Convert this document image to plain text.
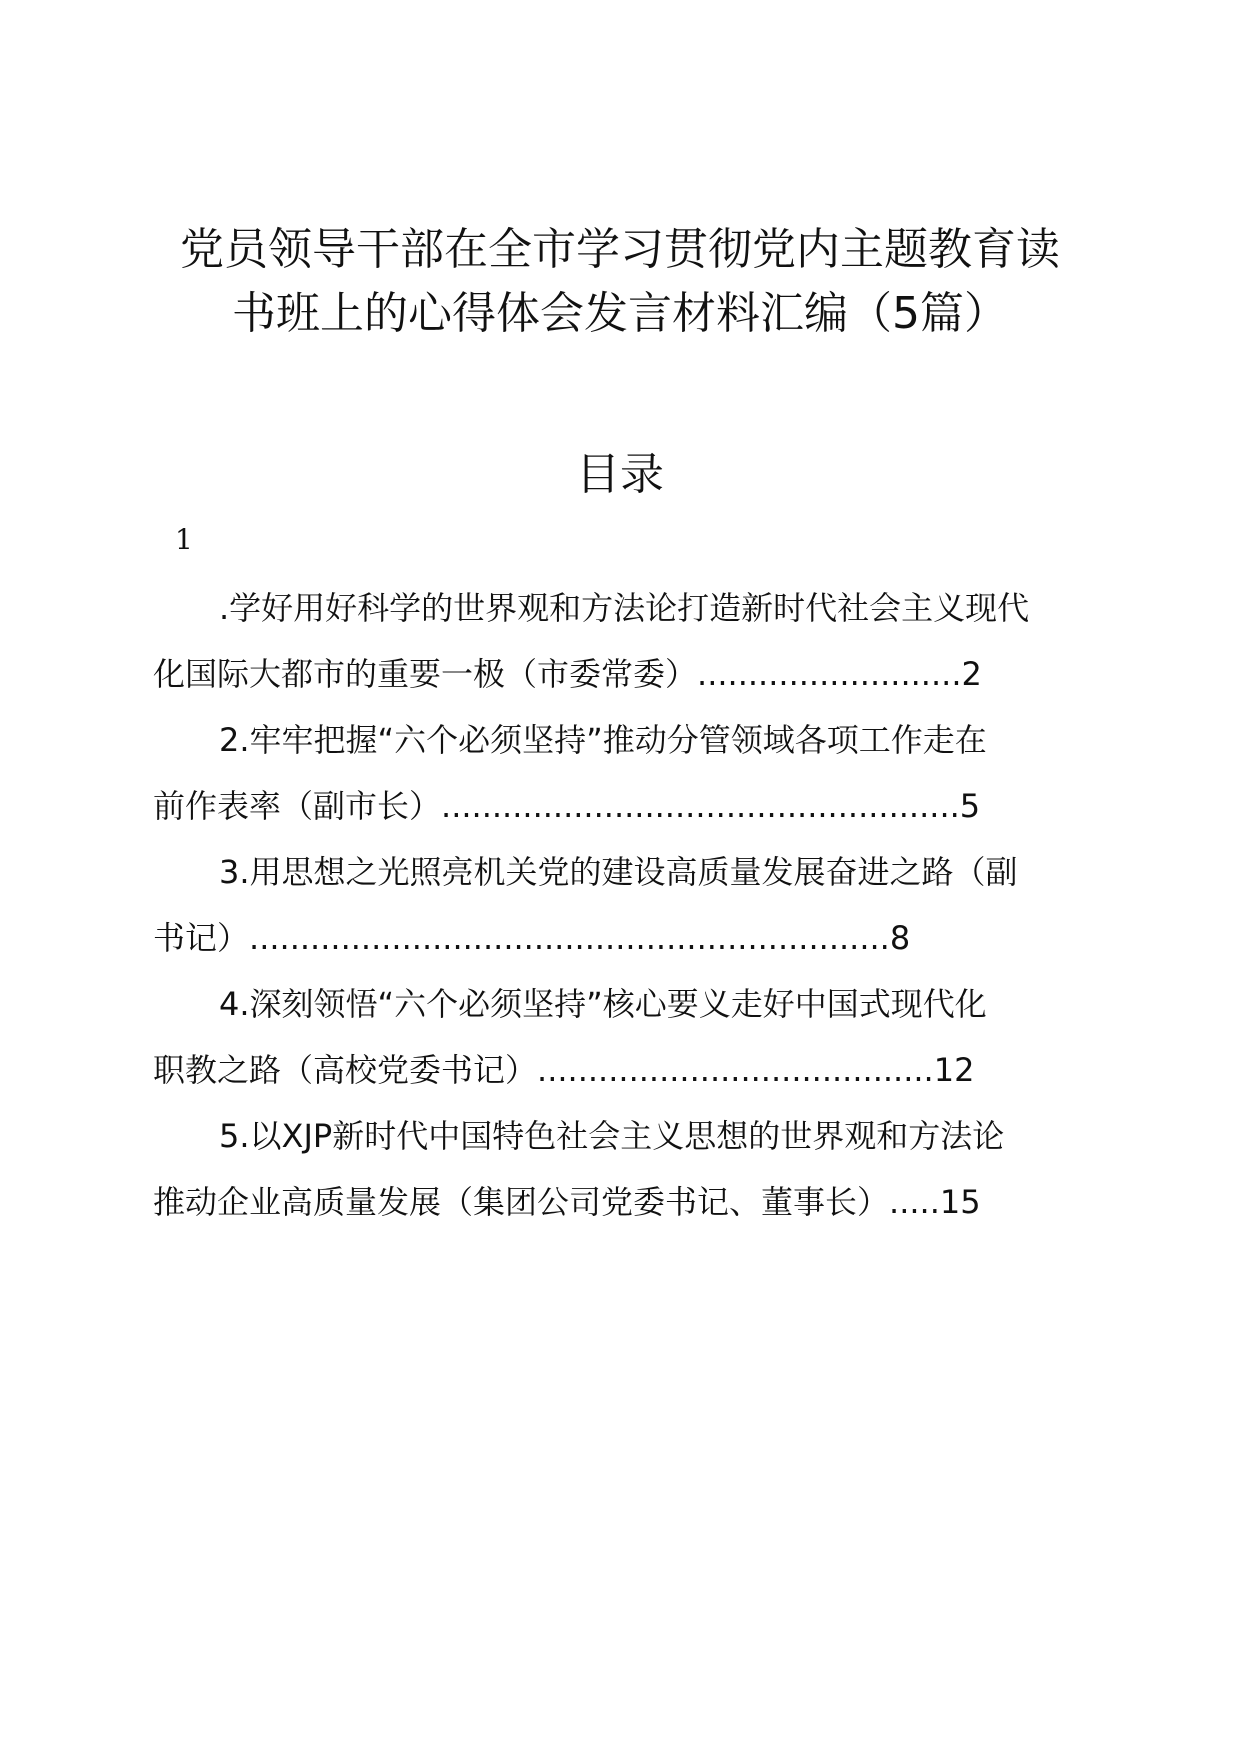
党员领导干部在全市学习贯彻党内主题教育读
书班上的心得体会发言材料汇编（5篇）
目录
1
.学好用好科学的世界观和方法论打造新时代社会主义现代
化国际大都市的重要一极（市委常委）..........................2
2.牢牢把握“六个必须坚持”推动分管领域各项工作走在
前作表率（副市长）...................................................5
3.用思想之光照亮机关党的建设高质量发展奋进之路（副
书记）...............................................................8
4.深刻领悟“六个必须坚持”核心要义走好中国式现代化
职教之路（高校党委书记）.......................................12
5.以XJP新时代中国特色社会主义思想的世界观和方法论
推动企业高质量发展（集团公司党委书记、董事长）.....15
